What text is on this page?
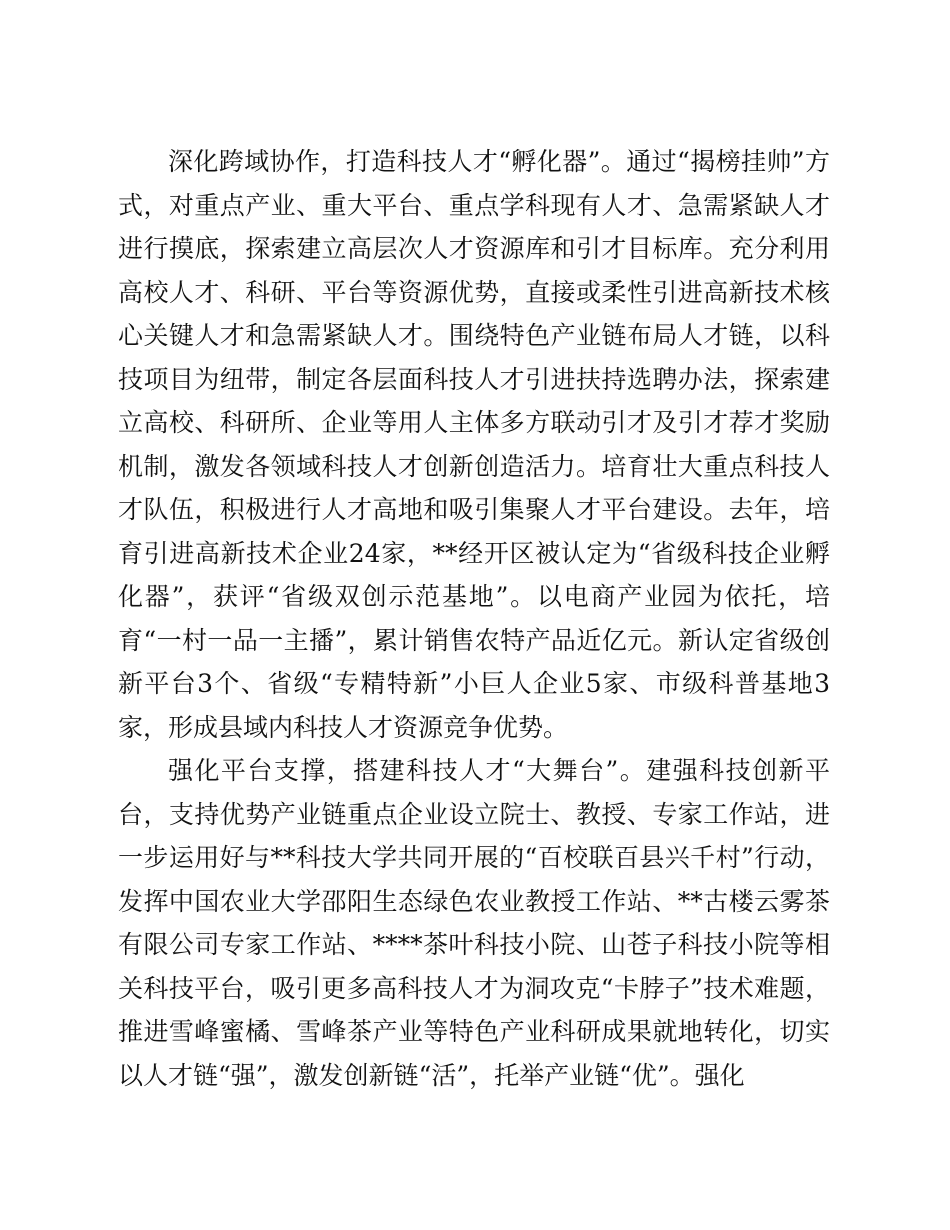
深化跨域协作，打造科技人才“孵化器”。通过“揭榜挂帅”方式，对重点产业、重大平台、重点学科现有人才、急需紧缺人才进行摸底，探索建立高层次人才资源库和引才目标库。充分利用高校人才、科研、平台等资源优势，直接或柔性引进高新技术核心关键人才和急需紧缺人才。围绕特色产业链布局人才链，以科技项目为纽带，制定各层面科技人才引进扶持选聘办法，探索建立高校、科研所、企业等用人主体多方联动引才及引才荐才奖励机制，激发各领域科技人才创新创造活力。培育壮大重点科技人才队伍，积极进行人才高地和吸引集聚人才平台建设。去年，培育引进高新技术企业24家，**经开区被认定为“省级科技企业孵化器”，获评“省级双创示范基地”。以电商产业园为依托，培育“一村一品一主播”，累计销售农特产品近亿元。新认定省级创新平台3个、省级“专精特新”小巨人企业5家、市级科普基地3家，形成县域内科技人才资源竞争优势。

强化平台支撑，搭建科技人才“大舞台”。建强科技创新平台，支持优势产业链重点企业设立院士、教授、专家工作站，进一步运用好与**科技大学共同开展的“百校联百县兴千村”行动，发挥中国农业大学邵阳生态绿色农业教授工作站、**古楼云雾茶有限公司专家工作站、****茶叶科技小院、山苍子科技小院等相关科技平台，吸引更多高科技人才为洞攻克“卡脖子”技术难题，推进雪峰蜜橘、雪峰茶产业等特色产业科研成果就地转化，切实以人才链“强”，激发创新链“活”，托举产业链“优”。强化
